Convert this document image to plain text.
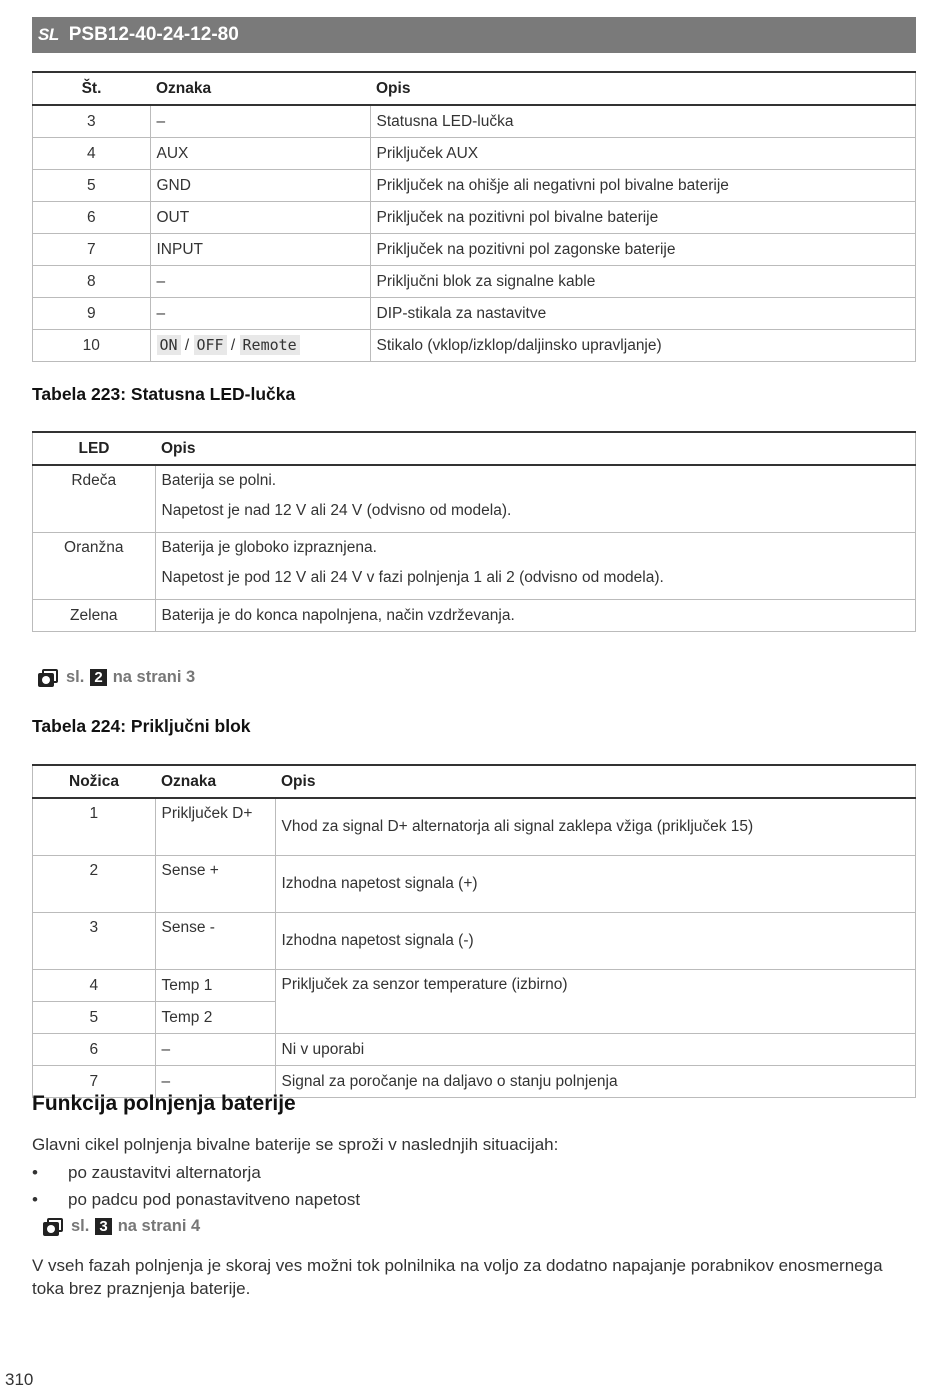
SL PSB12-40-24-12-80
Št.	Oznaka	Opis
3	–	Statusna LED-lučka
4	AUX	Priključek AUX
5	GND	Priključek na ohišje ali negativni pol bivalne baterije
6	OUT	Priključek na pozitivni pol bivalne baterije
7	INPUT	Priključek na pozitivni pol zagonske baterije
8	–	Priključni blok za signalne kable
9	–	DIP-stikala za nastavitve
10	ON / OFF / Remote	Stikalo (vklop/izklop/daljinsko upravljanje)
Tabela 223: Statusna LED-lučka
LED	Opis
Rdeča	Baterija se polni.

Napetost je nad 12 V ali 24 V (odvisno od modela).

Oranžna	Baterija je globoko izpraznjena.

Napetost je pod 12 V ali 24 V v fazi polnjenja 1 ali 2 (odvisno od modela).

Zelena	Baterija je do konca napolnjena, način vzdrževanja.
sl. 2 na strani 3
Tabela 224: Priključni blok
Nožica	Oznaka	Opis
1	Priključek D+	Vhod za signal D+ alternatorja ali signal zaklepa vžiga (priključek 15)
2	Sense +	Izhodna napetost signala (+)
3	Sense -	Izhodna napetost signala (-)
4	Temp 1	Priključek za senzor temperature (izbirno)
5	Temp 2	
6	–	Ni v uporabi
7	–	Signal za poročanje na daljavo o stanju polnjenja
Funkcija polnjenja baterije

Glavni cikel polnjenja bivalne baterije se sproži v naslednjih situacijah:

• po zaustavitvi alternatorja
• po padcu pod ponastavitveno napetost
sl. 3 na strani 4

V vseh fazah polnjenja je skoraj ves možni tok polnilnika na voljo za dodatno napajanje porabnikov enosmernega toka brez praznjenja baterije.

310
